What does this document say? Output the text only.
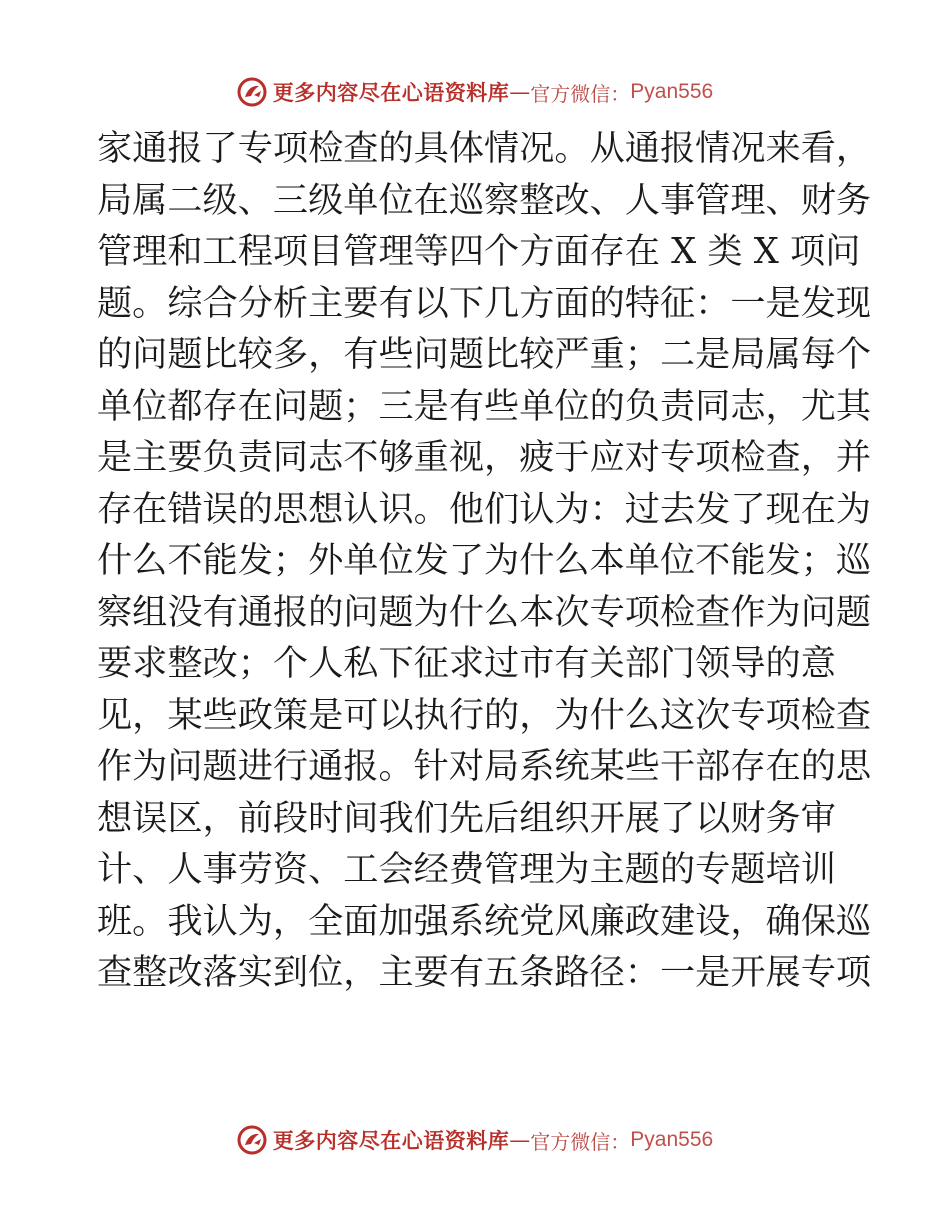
更多内容尽在心语资料库 — 官方微信： Pyan556
家通报了专项检查的具体情况。从通报情况来看，
局属二级、三级单位在巡察整改、人事管理、财务
管理和工程项目管理等四个方面存在 X 类 X 项问
题。综合分析主要有以下几方面的特征：一是发现
的问题比较多，有些问题比较严重；二是局属每个
单位都存在问题；三是有些单位的负责同志，尤其
是主要负责同志不够重视，疲于应对专项检查，并
存在错误的思想认识。他们认为：过去发了现在为
什么不能发；外单位发了为什么本单位不能发；巡
察组没有通报的问题为什么本次专项检查作为问题
要求整改；个人私下征求过市有关部门领导的意
见，某些政策是可以执行的，为什么这次专项检查
作为问题进行通报。针对局系统某些干部存在的思
想误区，前段时间我们先后组织开展了以财务审
计、人事劳资、工会经费管理为主题的专题培训
班。我认为，全面加强系统党风廉政建设，确保巡
查整改落实到位，主要有五条路径：一是开展专项
更多内容尽在心语资料库 — 官方微信： Pyan556
